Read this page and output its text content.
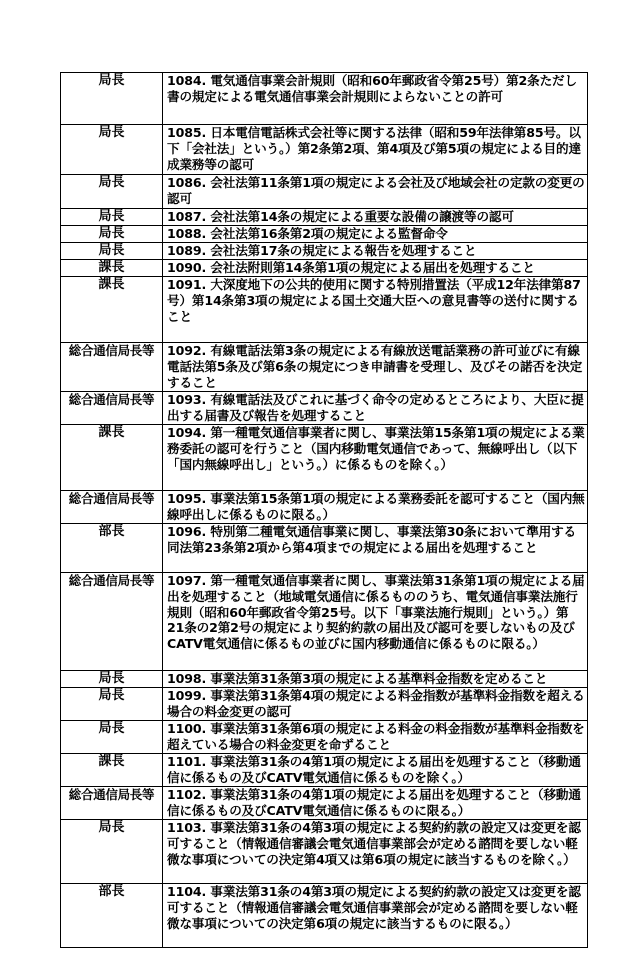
局長	1084. 電気通信事業会計規則（昭和60年郵政省令第25号）第2条ただし書の規定による電気通信事業会計規則によらないことの許可
局長	1085. 日本電信電話株式会社等に関する法律（昭和59年法律第85号。以下「会社法」という。）第2条第2項、第4項及び第5項の規定による目的達成業務等の認可
局長	1086. 会社法第11条第1項の規定による会社及び地域会社の定款の変更の認可
局長	1087. 会社法第14条の規定による重要な設備の譲渡等の認可
局長	1088. 会社法第16条第2項の規定による監督命令
局長	1089. 会社法第17条の規定による報告を処理すること
課長	1090. 会社法附則第14条第1項の規定による届出を処理すること
課長	1091. 大深度地下の公共的使用に関する特別措置法（平成12年法律第87号）第14条第3項の規定による国土交通大臣への意見書等の送付に関すること
総合通信局長等	1092. 有線電話法第3条の規定による有線放送電話業務の許可並びに有線電話法第5条及び第6条の規定につき申請書を受理し、及びその諾否を決定すること
総合通信局長等	1093. 有線電話法及びこれに基づく命令の定めるところにより、大臣に提出する届書及び報告を処理すること
課長	1094. 第一種電気通信事業者に関し、事業法第15条第1項の規定による業務委託の認可を行うこと（国内移動電気通信であって、無線呼出し（以下「国内無線呼出し」という。）に係るものを除く。）
総合通信局長等	1095. 事業法第15条第1項の規定による業務委託を認可すること（国内無線呼出しに係るものに限る。）
部長	1096. 特別第二種電気通信事業に関し、事業法第30条において準用する同法第23条第2項から第4項までの規定による届出を処理すること
総合通信局長等	1097. 第一種電気通信事業者に関し、事業法第31条第1項の規定による届出を処理すること（地域電気通信に係るもののうち、電気通信事業法施行規則（昭和60年郵政省令第25号。以下「事業法施行規則」という。）第21条の2第2号の規定により契約約款の届出及び認可を要しないもの及びCATV電気通信に係るもの並びに国内移動通信に係るものに限る。）
局長	1098. 事業法第31条第3項の規定による基準料金指数を定めること
局長	1099. 事業法第31条第4項の規定による料金指数が基準料金指数を超える場合の料金変更の認可
局長	1100. 事業法第31条第6項の規定による料金の料金指数が基準料金指数を超えている場合の料金変更を命ずること
課長	1101. 事業法第31条の4第1項の規定による届出を処理すること（移動通信に係るもの及びCATV電気通信に係るものを除く。）
総合通信局長等	1102. 事業法第31条の4第1項の規定による届出を処理すること（移動通信に係るもの及びCATV電気通信に係るものに限る。）
局長	1103. 事業法第31条の4第3項の規定による契約約款の設定又は変更を認可すること（情報通信審議会電気通信事業部会が定める諮問を要しない軽微な事項についての決定第4項又は第6項の規定に該当するものを除く。）
部長	1104. 事業法第31条の4第3項の規定による契約約款の設定又は変更を認可すること（情報通信審議会電気通信事業部会が定める諮問を要しない軽微な事項についての決定第6項の規定に該当するものに限る。）
